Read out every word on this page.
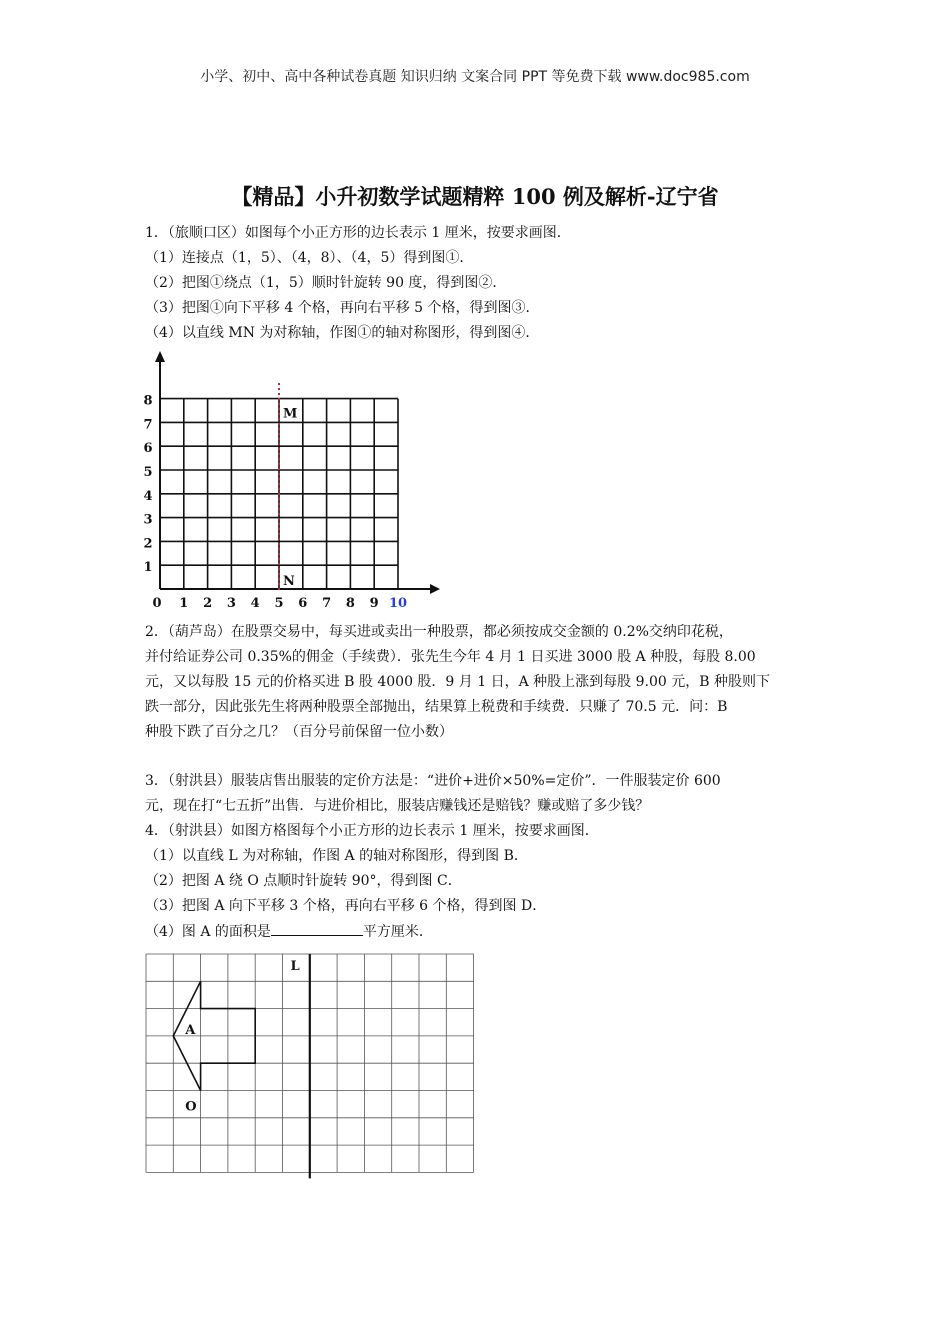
小学、初中、高中各种试卷真题 知识归纳 文案合同 PPT 等免费下载 www.doc985.com
【精品】小升初数学试题精粹 100 例及解析-辽宁省
1．（旅顺口区）如图每个小正方形的边长表示 1 厘米，按要求画图．
（1）连接点（1，5）、（4，8）、（4，5）得到图①．
（2）把图①绕点（1，5）顺时针旋转 90 度，得到图②．
（3）把图①向下平移 4 个格，再向右平移 5 个格，得到图③．
（4）以直线 MN 为对称轴，作图①的轴对称图形，得到图④．
0 1 2 3 4 5 6 7 8 9 10
1
2
3
4
5
6
7
8
M
N
2．（葫芦岛）在股票交易中，每买进或卖出一种股票，都必须按成交金额的 0.2%交纳印花税，
并付给证券公司 0.35%的佣金（手续费）．张先生今年 4 月 1 日买进 3000 股 A 种股，每股 8.00
元，又以每股 15 元的价格买进 B 股 4000 股．9 月 1 日，A 种股上涨到每股 9.00 元，B 种股则下
跌一部分，因此张先生将两种股票全部抛出，结果算上税费和手续费．只赚了 70.5 元．问：B
种股下跌了百分之几？（百分号前保留一位小数）
3．（射洪县）服装店售出服装的定价方法是：“进价+进价×50%=定价”．一件服装定价 600
元，现在打“七五折”出售．与进价相比，服装店赚钱还是赔钱？赚或赔了多少钱？
4．（射洪县）如图方格图每个小正方形的边长表示 1 厘米，按要求画图．
（1）以直线 L 为对称轴，作图 A 的轴对称图形，得到图 B．
（2）把图 A 绕 O 点顺时针旋转 90°，得到图 C．
（3）把图 A 向下平移 3 个格，再向右平移 6 个格，得到图 D．
（4）图 A 的面积是	平方厘米．
L
A
O
